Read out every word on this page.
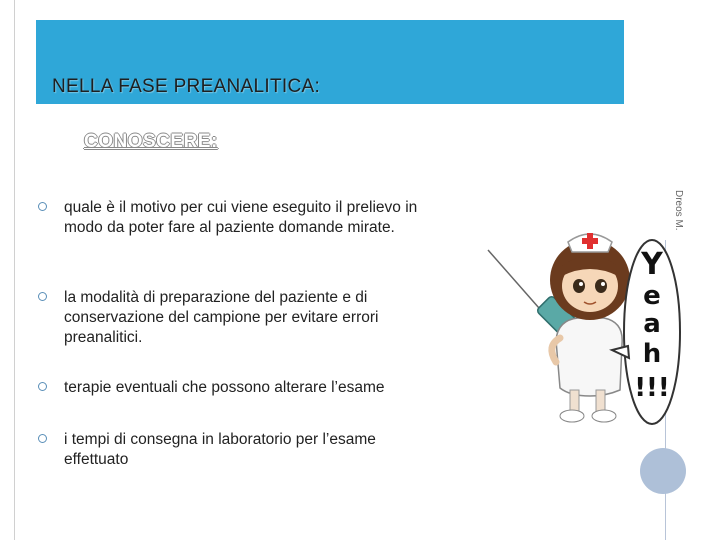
NELLA FASE PREANALITICA:
CONOSCERE:
Dreos M.
quale è il motivo per cui viene eseguito il prelievo in modo da poter fare al paziente domande mirate.
la modalità di preparazione del paziente e di conservazione del campione per evitare errori preanalitici.
terapie eventuali che possono alterare l’esame
i tempi di consegna in laboratorio per l’esame effettuato
Y
e
a
h
!!!
